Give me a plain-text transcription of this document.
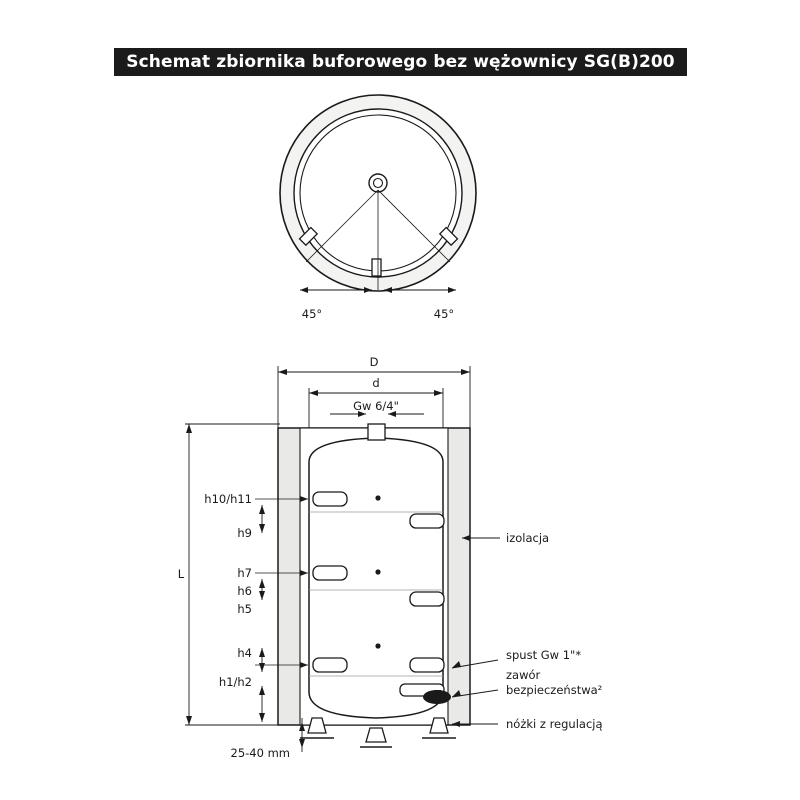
Schemat zbiornika buforowego bez wężownicy SG(B)200
45°	45°
D
d
Gw 6/4"
L
h10/h11
h9
h7
h6
h5
h4
h1/h2
25-40 mm
izolacja
spust Gw 1"*
zawór
bezpieczeństwa²
nóżki z regulacją
